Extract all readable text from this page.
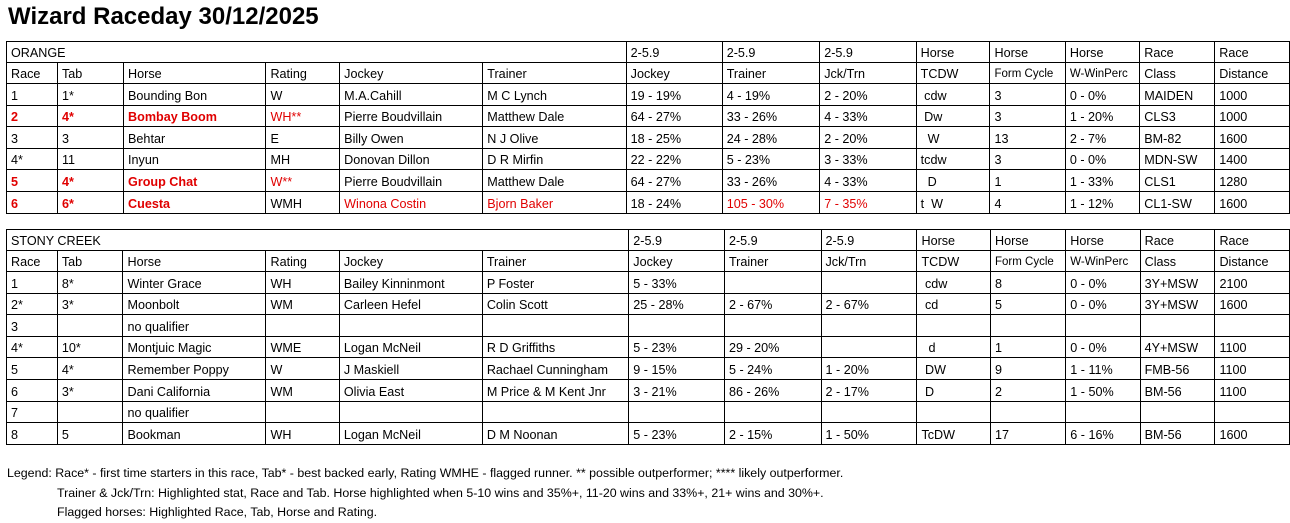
Wizard Raceday 30/12/2025
ORANGE						2-5.9	2-5.9	2-5.9	Horse	Horse	Horse	Race	Race
Race	Tab	Horse	Rating	Jockey	Trainer	Jockey	Trainer	Jck/Trn	TCDW	Form Cycle	W-WinPerc	Class	Distance
1	1*	Bounding Bon	W	M.A.Cahill	M C Lynch	19 - 19%	4 - 19%	2 - 20%	cdw	3	0 - 0%	MAIDEN	1000
2	4*	Bombay Boom	WH**	Pierre Boudvillain	Matthew Dale	64 - 27%	33 - 26%	4 - 33%	Dw	3	1 - 20%	CLS3	1000
3	3	Behtar	E	Billy Owen	N J Olive	18 - 25%	24 - 28%	2 - 20%	W	13	2 - 7%	BM-82	1600
4*	11	Inyun	MH	Donovan Dillon	D R Mirfin	22 - 22%	5 - 23%	3 - 33%	tcdw	3	0 - 0%	MDN-SW	1400
5	4*	Group Chat	W**	Pierre Boudvillain	Matthew Dale	64 - 27%	33 - 26%	4 - 33%	D	1	1 - 33%	CLS1	1280
6	6*	Cuesta	WMH	Winona Costin	Bjorn Baker	18 - 24%	105 - 30%	7 - 35%	t  W	4	1 - 12%	CL1-SW	1600
STONY CREEK						2-5.9	2-5.9	2-5.9	Horse	Horse	Horse	Race	Race
Race	Tab	Horse	Rating	Jockey	Trainer	Jockey	Trainer	Jck/Trn	TCDW	Form Cycle	W-WinPerc	Class	Distance
1	8*	Winter Grace	WH	Bailey Kinninmont	P Foster	5 - 33%			cdw	8	0 - 0%	3Y+MSW	2100
2*	3*	Moonbolt	WM	Carleen Hefel	Colin Scott	25 - 28%	2 - 67%	2 - 67%	cd	5	0 - 0%	3Y+MSW	1600
3		no qualifier											
4*	10*	Montjuic Magic	WME	Logan McNeil	R D Griffiths	5 - 23%	29 - 20%		d	1	0 - 0%	4Y+MSW	1100
5	4*	Remember Poppy	W	J Maskiell	Rachael Cunningham	9 - 15%	5 - 24%	1 - 20%	DW	9	1 - 11%	FMB-56	1100
6	3*	Dani California	WM	Olivia East	M Price & M Kent Jnr	3 - 21%	86 - 26%	2 - 17%	D	2	1 - 50%	BM-56	1100
7		no qualifier											
8	5	Bookman	WH	Logan McNeil	D M Noonan	5 - 23%	2 - 15%	1 - 50%	TcDW	17	6 - 16%	BM-56	1600
Legend: Race* - first time starters in this race, Tab* - best backed early, Rating WMHE - flagged runner. ** possible outperformer; **** likely outperformer.
Trainer & Jck/Trn: Highlighted stat, Race and Tab. Horse highlighted when 5-10 wins and 35%+, 11-20 wins and 33%+, 21+ wins and 30%+.
Flagged horses: Highlighted Race, Tab, Horse and Rating.
